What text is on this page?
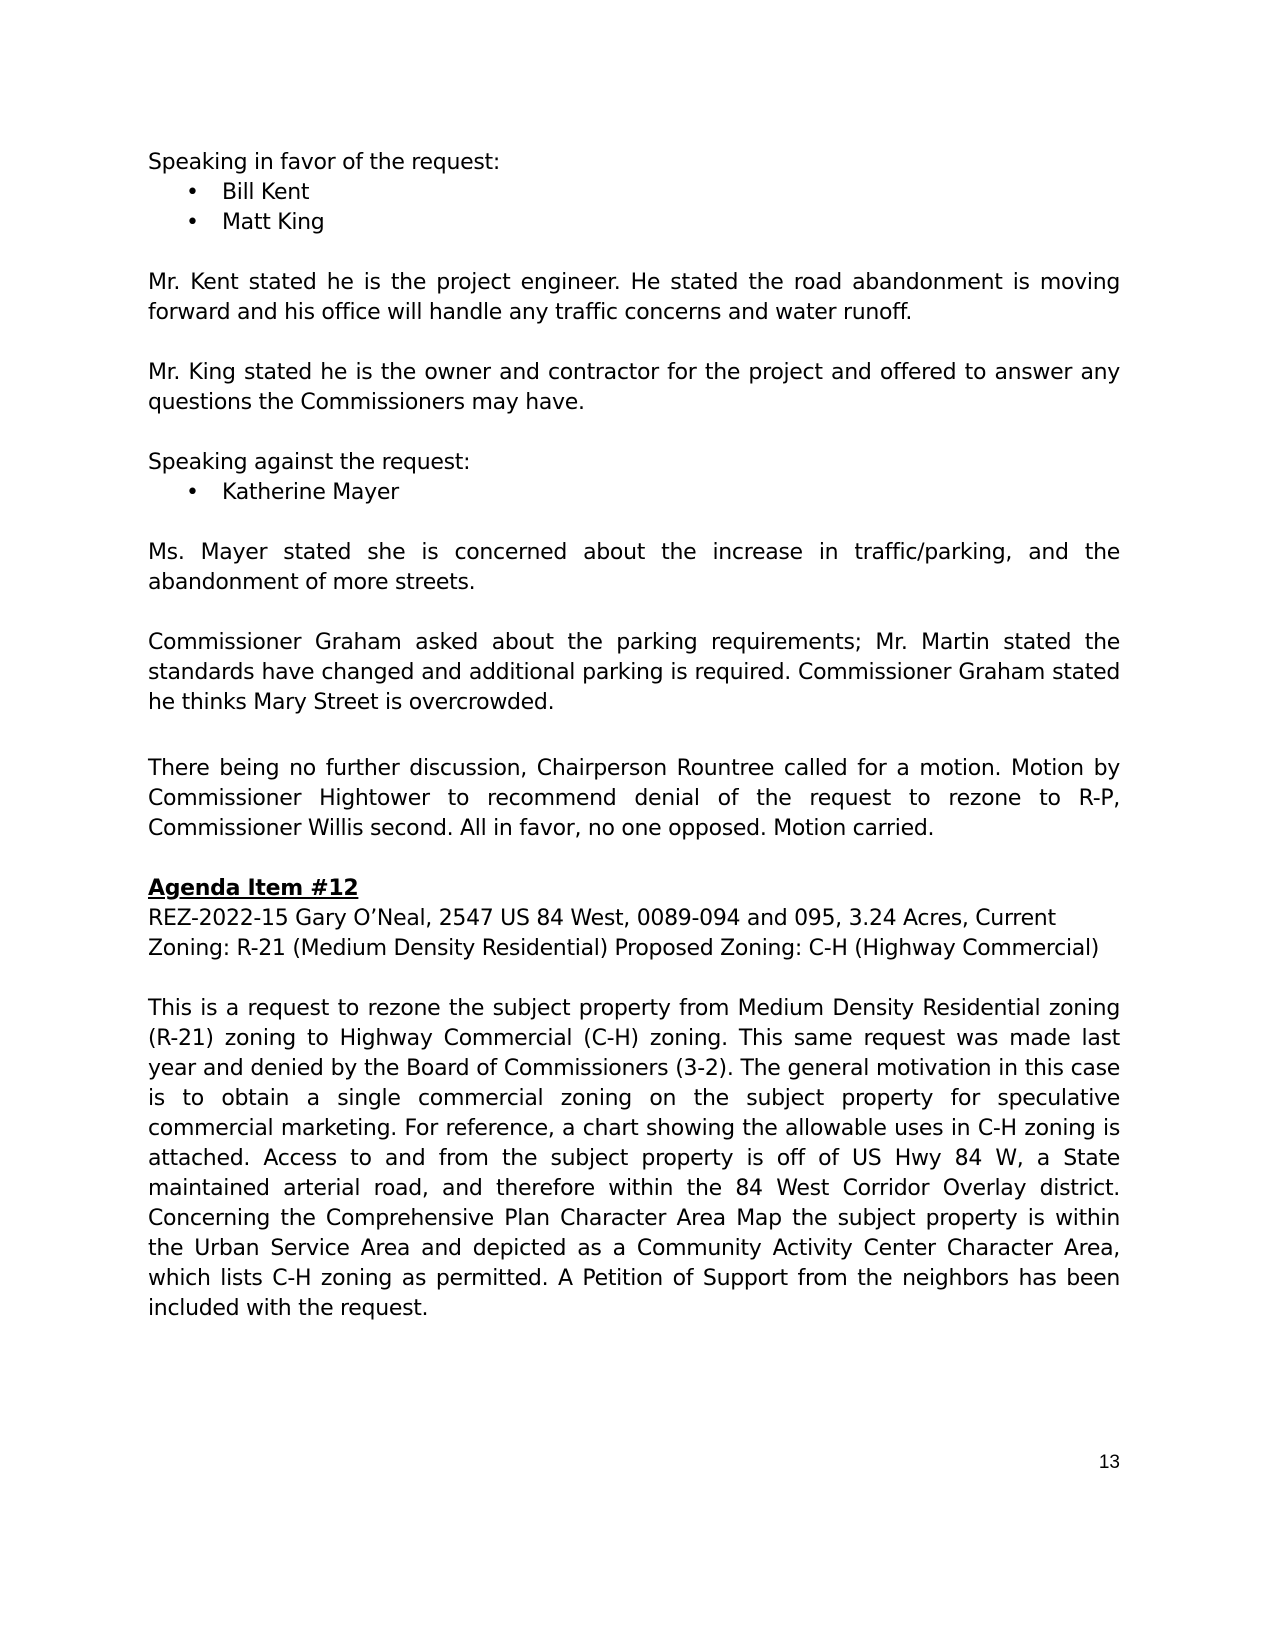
Speaking in favor of the request:

• Bill Kent
• Matt King

Mr. Kent stated he is the project engineer. He stated the road abandonment is moving forward and his office will handle any traffic concerns and water runoff.

Mr. King stated he is the owner and contractor for the project and offered to answer any questions the Commissioners may have.

Speaking against the request:

• Katherine Mayer

Ms. Mayer stated she is concerned about the increase in traffic/parking, and the abandonment of more streets.

Commissioner Graham asked about the parking requirements; Mr. Martin stated the standards have changed and additional parking is required. Commissioner Graham stated he thinks Mary Street is overcrowded.

There being no further discussion, Chairperson Rountree called for a motion. Motion by Commissioner Hightower to recommend denial of the request to rezone to R-P, Commissioner Willis second. All in favor, no one opposed. Motion carried.

Agenda Item #12

REZ-2022-15 Gary O’Neal, 2547 US 84 West, 0089-094 and 095, 3.24 Acres, Current Zoning: R-21 (Medium Density Residential) Proposed Zoning: C-H (Highway Commercial)

This is a request to rezone the subject property from Medium Density Residential zoning (R-21) zoning to Highway Commercial (C-H) zoning. This same request was made last year and denied by the Board of Commissioners (3-2). The general motivation in this case is to obtain a single commercial zoning on the subject property for speculative commercial marketing. For reference, a chart showing the allowable uses in C-H zoning is attached. Access to and from the subject property is off of US Hwy 84 W, a State maintained arterial road, and therefore within the 84 West Corridor Overlay district. Concerning the Comprehensive Plan Character Area Map the subject property is within the Urban Service Area and depicted as a Community Activity Center Character Area, which lists C-H zoning as permitted. A Petition of Support from the neighbors has been included with the request.

13
